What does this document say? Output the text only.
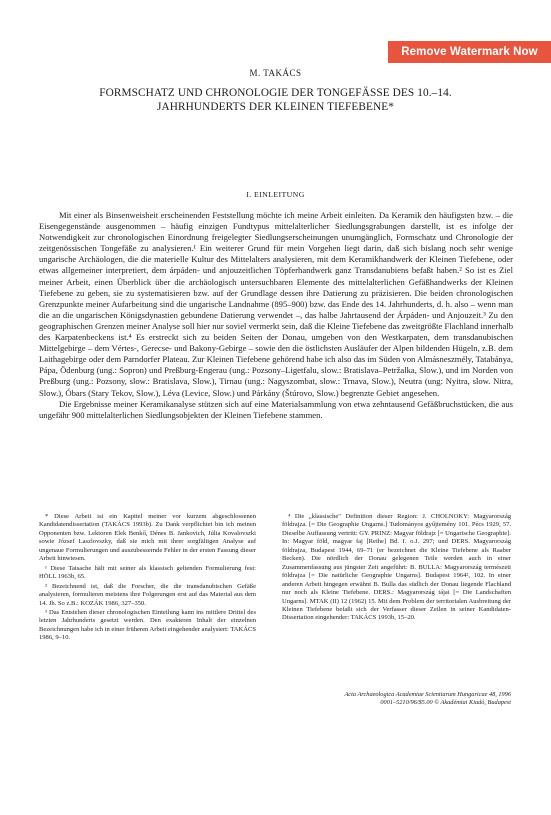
Remove Watermark Now
M. TAKÁCS
FORMSCHATZ UND CHRONOLOGIE DER TONGEFÄSSE DES 10.–14. JAHRHUNDERTS DER KLEINEN TIEFEBENE*
I. EINLEITUNG

Mit einer als Binsenweisheit erscheinenden Feststellung möchte ich meine Arbeit einleiten. Da Keramik den häufigsten bzw. – die Eisengegenstände ausgenommen – häufig einzigen Fundtypus mittelalterlicher Siedlungsgrabungen darstellt, ist es infolge der Notwendigkeit zur chronologischen Einordnung freigelegter Siedlungserscheinungen unumgänglich, Formschatz und Chronologie der zeitgenössischen Tongefäße zu analysieren.¹ Ein weiterer Grund für mein Vorgehen liegt darin, daß sich bislang noch sehr wenige ungarische Archäologen, die die materielle Kultur des Mittelalters analysieren, mit dem Keramikhandwerk der Kleinen Tiefebene, oder etwas allgemeiner interpretiert, dem árpáden- und anjouzeitlichen Töpferhandwerk ganz Transdanubiens befaßt haben.² So ist es Ziel meiner Arbeit, einen Überblick über die archäologisch untersuchbaren Elemente des mittelalterlichen Gefäßhandwerks der Kleinen Tiefebene zu geben, sie zu systematisieren bzw. auf der Grundlage dessen ihre Datierung zu präzisieren. Die beiden chronologischen Grenzpunkte meiner Aufarbeitung sind die ungarische Landnahme (895–900) bzw. das Ende des 14. Jahrhunderts, d. h. also – wenn man die an die ungarischen Königsdynastien gebundene Datierung verwendet –, das halbe Jahrtausend der Árpáden- und Anjouzeit.³ Zu den geographischen Grenzen meiner Analyse soll hier nur soviel vermerkt sein, daß die Kleine Tiefebene das zweitgrößte Flachland innerhalb des Karpatenbeckens ist.⁴ Es erstreckt sich zu beiden Seiten der Donau, umgeben von den Westkarpaten, dem transdanubischen Mittelgebirge – dem Vértes-, Gerecse- und Bakony-Gebirge – sowie den die östlichsten Ausläufer der Alpen bildenden Hügeln, z.B. dem Laithagebirge oder dem Parndorfer Plateau. Zur Kleinen Tiefebene gehörend habe ich also das im Süden von Almásneszmély, Tatabánya, Pápa, Ödenburg (ung.: Sopron) und Preßburg-Engerau (ung.: Pozsony–Ligetfalu, slow.: Bratislava–Petržalka, Slow.), und im Norden von Preßburg (ung.: Pozsony, slow.: Bratislava, Slow.), Tirnau (ung.: Nagyszombat, slow.: Trnava, Slow.), Neutra (ung: Nyitra, slow. Nitra, Slow.), Óbars (Stary Tekov, Slow.), Léva (Levice, Slow.) und Párkány (Štúrovo, Slow.) begrenzte Gebiet angesehen.

Die Ergebnisse meiner Keramikanalyse stützen sich auf eine Materialsammlung von etwa zehntausend Gefäßbruchstücken, die aus ungefähr 900 mittelalterlichen Siedlungsobjekten der Kleinen Tiefebene stammen.

* Diese Arbeit ist ein Kapitel meiner vor kurzem abgeschlossenen Kandidatendissertation (TAKÁCS 1993b). Zu Dank verpflichtet bin ich meinen Opponenten bzw. Lektoren Elek Benkő, Dénes B. Jankovich, Júlia Kovalovszki sowie József Laszlovszky, daß sie mich mit ihrer sorgfältigen Analyse auf ungenaue Formulierungen und auszubessernde Fehler in der ersten Fassung dieser Arbeit hinwiesen.

¹ Diese Tatsache hält mit seiner als klassisch geltenden Formulierung fest: HÖLL 1963b, 65.

² Bezeichnend ist, daß die Forscher, die die transdanubischen Gefäße analysieren, formulieren meistens ihre Folgerungen erst auf das Material aus dem 14. Jh. So z.B.: KOZÁK 1986, 327–350.

³ Das Entstehen dieser chronologischen Einteilung kann ins mittlere Drittel des letzten Jahrhunderts gesetzt werden. Den exakteren Inhalt der einzelnen Bezeichnungen habe ich in einer früheren Arbeit eingehender analysiert: TAKÁCS 1986, 9–10.

⁴ Die „klassische" Definition dieser Region: J. CHOLNOKY: Magyarország földrajza. [= Die Geographie Ungarns.] Tudományos gyűjtemény 101. Pécs 1929, 57. Dieselbe Auffassung vertritt: GY. PRINZ: Magyar földrajz [= Ungarische Geographie]. In: Magyar föld, magyar faj [Reihe] Bd. I. o.J. 297; und DERS. Magyarország földrajza, Budapest 1944, 69–71 (er bezeichnet die Kleine Tiefebene als Raaber Becken). Die nördlich der Donau gelegenen Teile werden auch in einer Zusammenfassung aus jüngster Zeit angeführt: B. BULLA: Magyarország természeti földrajza [= Die natürliche Geographie Ungarns]. Budapest 1964², 102. In einer anderen Arbeit hingegen erwähnt B. Bulla das südlich der Donau liegende Flachland nur noch als Kleine Tiefebene. DERS.: Magyarország tájai [= Die Landschaften Ungarns]. MTAK (II) 12 (1962) 15. Mit dem Problem der territorialen Ausbreitung der Kleinen Tiefebene befaßt sich der Verfasser dieser Zeilen in seiner Kandidaten-Dissertation eingehender: TAKÁCS 1993b, 15–20.

Acta Archaeologica Academiae Scientiarum Hungaricae 48, 1996
0001–5210/96/$5.00 © Akadémiai Kiadó, Budapest
